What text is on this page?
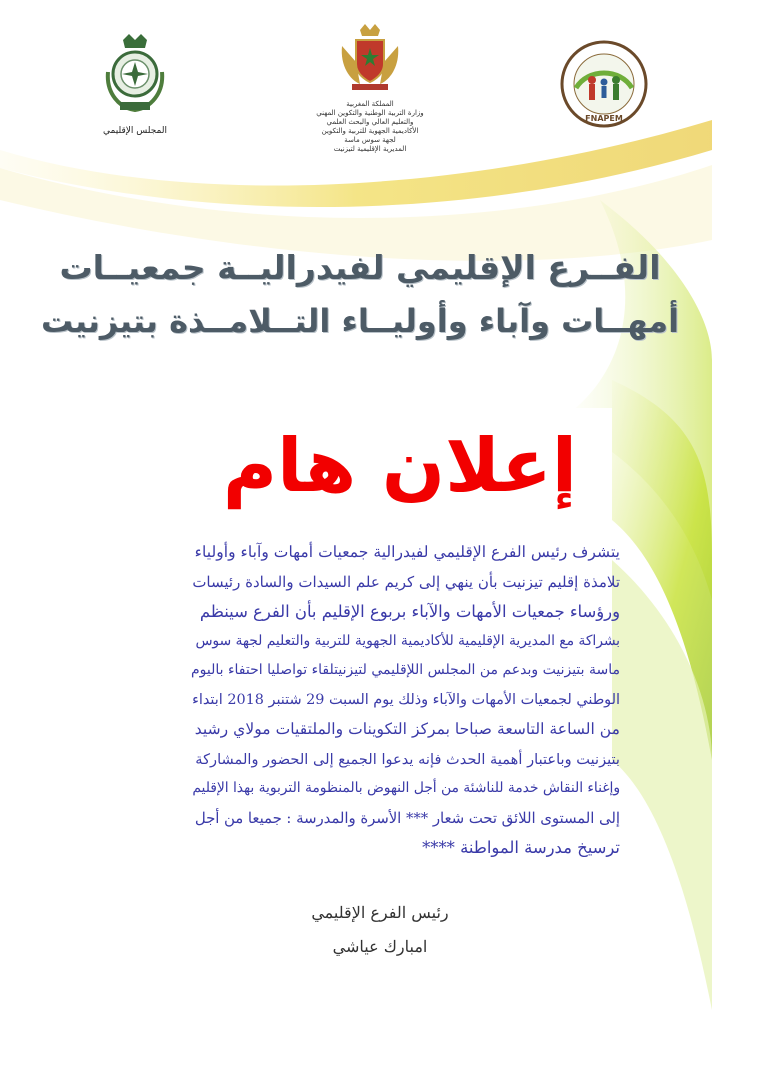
المجلس الإقليمي
المملكة المغربية
وزارة التربية الوطنية والتكوين المهني
والتعليم العالي والبحث العلمي
الأكاديمية الجهوية للتربية والتكوين
لجهة سوس ماسة
المديرية الإقليمية لتيزنيت
FNAPEM
الفــرع الإقليمي لفيدراليــة جمعيــات
أمهــات وآباء وأوليــاء التــلامــذة بتيزنيت
إعلان هام
يتشرف رئيس الفرع الإقليمي لفيدرالية جمعيات أمهات وآباء وأولياء
تلامذة إقليم تيزنيت بأن ينهي إلى كريم علم السيدات والسادة رئيسات
ورؤساء جمعيات الأمهات والآباء بربوع الإقليم بأن الفرع سينظم
بشراكة مع المديرية الإقليمية للأكاديمية الجهوية للتربية والتعليم لجهة سوس
ماسة بتيزنيت وبدعم من المجلس اللإقليمي لتيزنيتلقاء تواصليا احتفاء باليوم
الوطني لجمعيات الأمهات والآباء وذلك يوم السبت 29 شتنبر 2018 ابتداء
من الساعة التاسعة صباحا بمركز التكوينات والملتقيات مولاي رشيد
بتيزنيت وباعتبار أهمية الحدث فإنه يدعوا الجميع إلى الحضور والمشاركة
وإغناء النقاش خدمة للناشئة من أجل النهوض بالمنظومة التربوية بهذا الإقليم
إلى المستوى اللائق تحت شعار *** الأسرة والمدرسة : جميعا من أجل
ترسيخ مدرسة المواطنة ****
رئيس الفرع الإقليمي
امبارك عياشي
